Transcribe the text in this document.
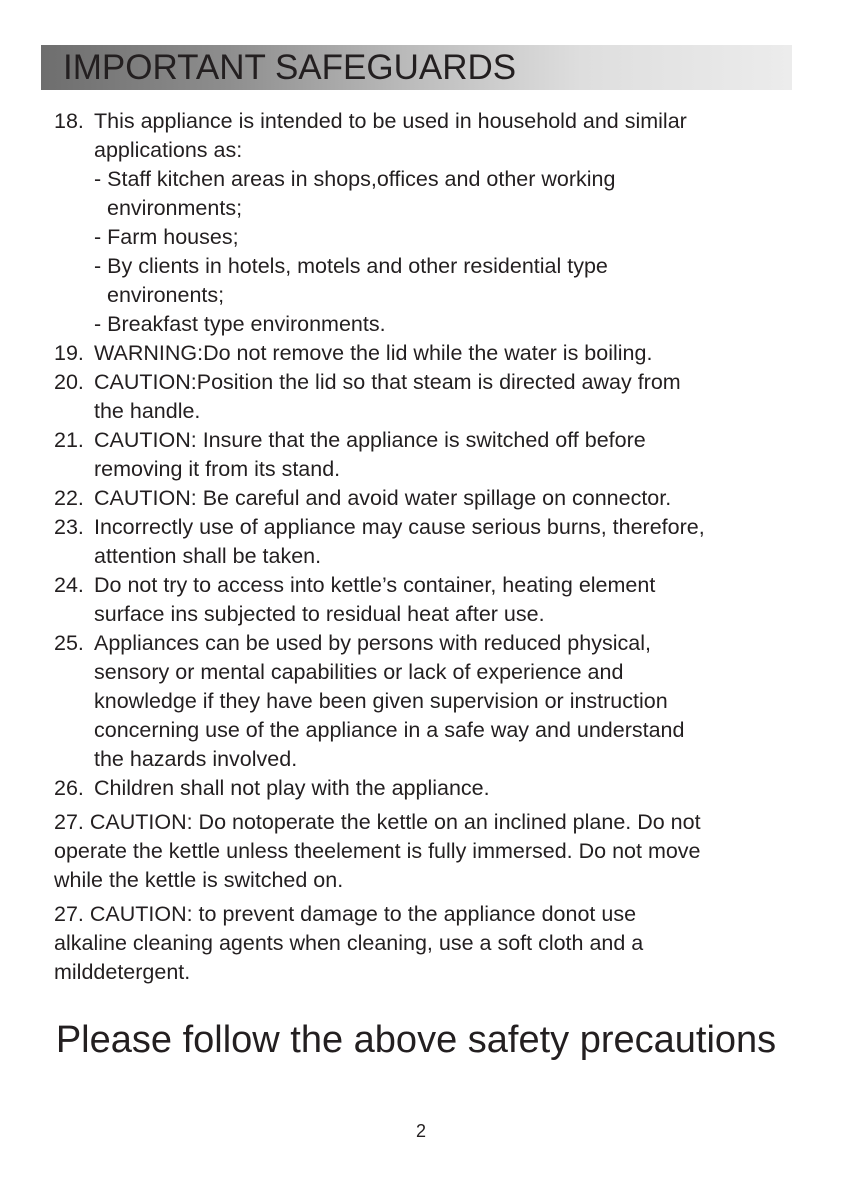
IMPORTANT SAFEGUARDS
18. This appliance is intended to be used in household and similar
applications as:
- Staff kitchen areas in shops,offices and other working
environments;
- Farm houses;
- By clients in hotels, motels and other residential type
environents;
- Breakfast type environments.
19. WARNING:Do not remove the lid while the water is boiling.
20. CAUTION:Position the lid so that steam is directed away from
the handle.
21. CAUTION: Insure that the appliance is switched off before
removing it from its stand.
22. CAUTION: Be careful and avoid water spillage on connector.
23. Incorrectly use of appliance may cause serious burns, therefore,
attention shall be taken.
24. Do not try to access into kettle’s container, heating element
surface ins subjected to residual heat after use.
25. Appliances can be used by persons with reduced physical,
sensory or mental capabilities or lack of experience and
knowledge if they have been given supervision or instruction
concerning use of the appliance in a safe way and understand
the hazards involved.
26. Children shall not play with the appliance.
27. CAUTION: Do notoperate the kettle on an inclined plane. Do not
operate the kettle unless theelement is fully immersed. Do not move
while the kettle is switched on.
27. CAUTION: to prevent damage to the appliance donot use
alkaline cleaning agents when cleaning, use a soft cloth and a
milddetergent.
Please follow the above safety precautions
2
